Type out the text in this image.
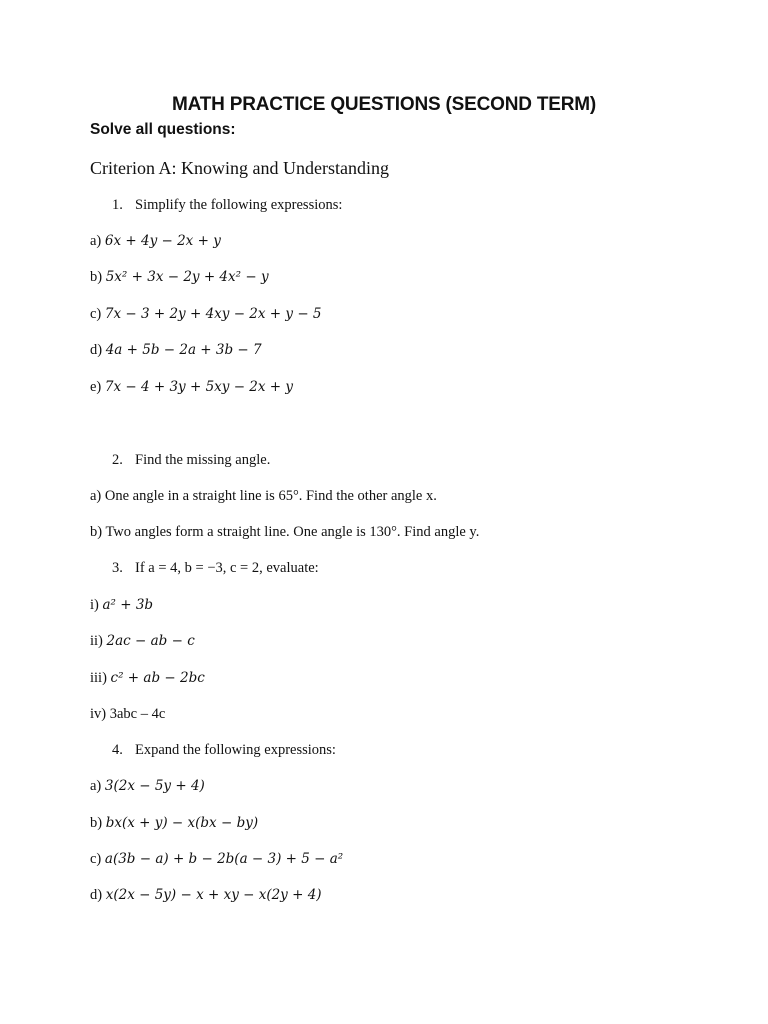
MATH PRACTICE QUESTIONS (SECOND TERM)
Solve all questions:
Criterion A: Knowing and Understanding
1. Simplify the following expressions:
a) 6x + 4y − 2x + y
b) 5x² + 3x − 2y + 4x² − y
c) 7x − 3 + 2y + 4xy − 2x + y − 5
d) 4a + 5b − 2a + 3b − 7
e) 7x − 4 + 3y + 5xy − 2x + y
2. Find the missing angle.
a) One angle in a straight line is 65°. Find the other angle x.
b) Two angles form a straight line. One angle is 130°. Find angle y.
3. If a = 4, b = −3, c = 2, evaluate:
i) a² + 3b
ii) 2ac − ab − c
iii) c² + ab − 2bc
iv) 3abc – 4c
4. Expand the following expressions:
a) 3(2x − 5y + 4)
b) bx(x + y) − x(bx − by)
c) a(3b − a) + b − 2b(a − 3) + 5 − a²
d) x(2x − 5y) − x + xy − x(2y + 4)
